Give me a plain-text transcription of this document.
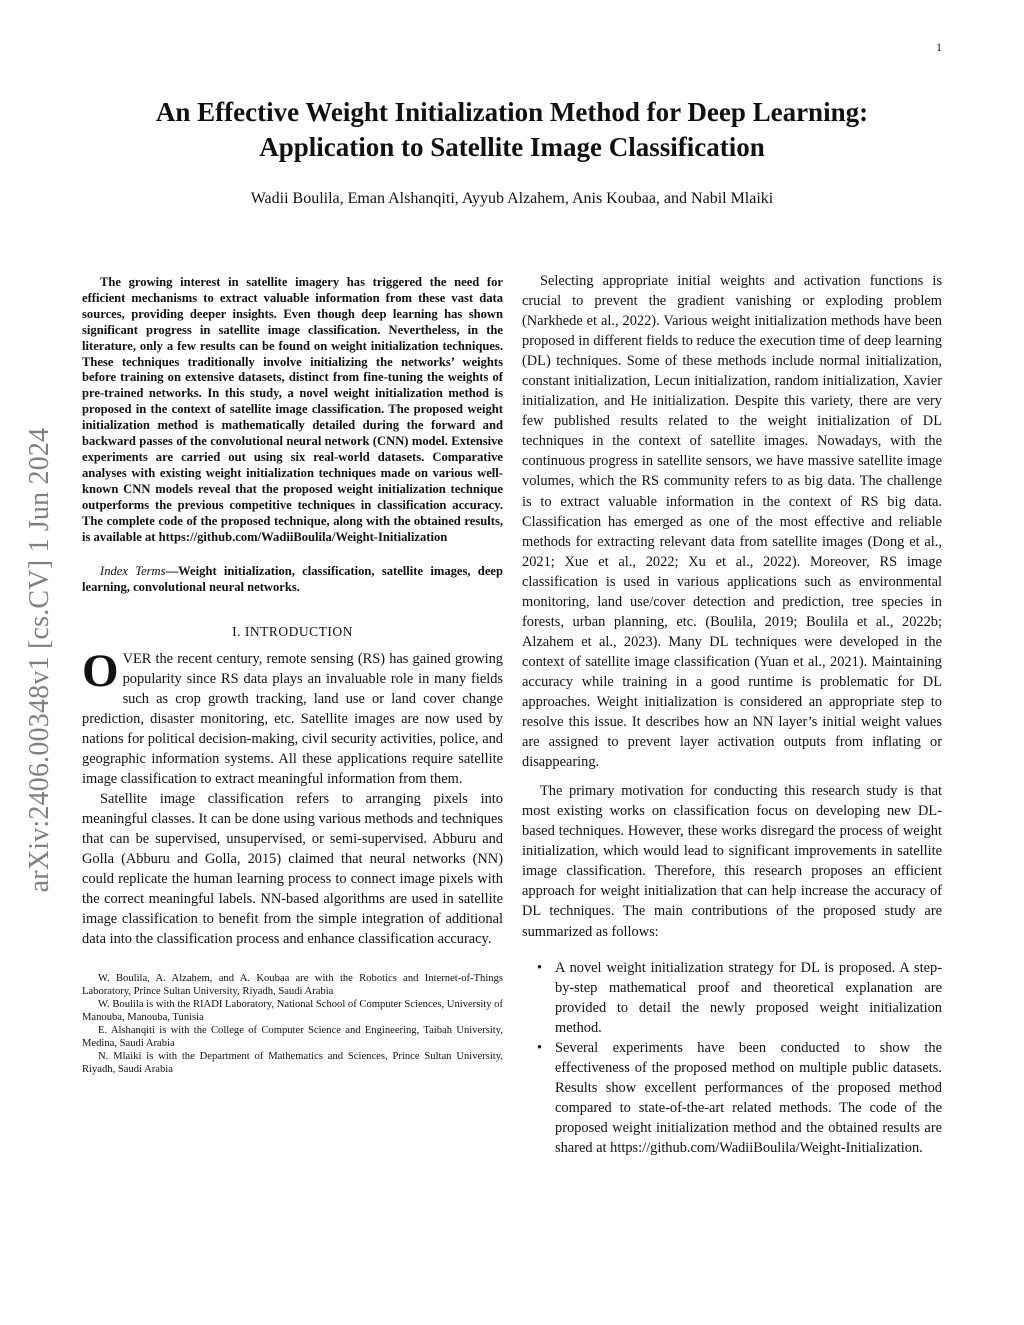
1
arXiv:2406.00348v1 [cs.CV] 1 Jun 2024
An Effective Weight Initialization Method for Deep Learning:
Application to Satellite Image Classification
Wadii Boulila, Eman Alshanqiti, Ayyub Alzahem, Anis Koubaa, and Nabil Mlaiki

The growing interest in satellite imagery has triggered the need for efficient mechanisms to extract valuable information from these vast data sources, providing deeper insights. Even though deep learning has shown significant progress in satellite image classification. Nevertheless, in the literature, only a few results can be found on weight initialization techniques. These techniques traditionally involve initializing the networks’ weights before training on extensive datasets, distinct from fine-tuning the weights of pre-trained networks. In this study, a novel weight initialization method is proposed in the context of satellite image classification. The proposed weight initialization method is mathematically detailed during the forward and backward passes of the convolutional neural network (CNN) model. Extensive experiments are carried out using six real-world datasets. Comparative analyses with existing weight initialization techniques made on various well-known CNN models reveal that the proposed weight initialization technique outperforms the previous competitive techniques in classification accuracy. The complete code of the proposed technique, along with the obtained results, is available at https://github.com/WadiiBoulila/Weight-Initialization

Index Terms—Weight initialization, classification, satellite images, deep learning, convolutional neural networks.

I. INTRODUCTION

OVER the recent century, remote sensing (RS) has gained growing popularity since RS data plays an invaluable role in many fields such as crop growth tracking, land use or land cover change prediction, disaster monitoring, etc. Satellite images are now used by nations for political decision-making, civil security activities, police, and geographic information systems. All these applications require satellite image classification to extract meaningful information from them.

Satellite image classification refers to arranging pixels into meaningful classes. It can be done using various methods and techniques that can be supervised, unsupervised, or semi-supervised. Abburu and Golla (Abburu and Golla, 2015) claimed that neural networks (NN) could replicate the human learning process to connect image pixels with the correct meaningful labels. NN-based algorithms are used in satellite image classification to benefit from the simple integration of additional data into the classification process and enhance classification accuracy.

W. Boulila, A. Alzahem, and A. Koubaa are with the Robotics and Internet-of-Things Laboratory, Prince Sultan University, Riyadh, Saudi Arabia

W. Boulila is with the RIADI Laboratory, National School of Computer Sciences, University of Manouba, Manouba, Tunisia

E. Alshanqiti is with the College of Computer Science and Engineering, Taibah University, Medina, Saudi Arabia

N. Mlaiki is with the Department of Mathematics and Sciences, Prince Sultan University, Riyadh, Saudi Arabia

Selecting appropriate initial weights and activation functions is crucial to prevent the gradient vanishing or exploding problem (Narkhede et al., 2022). Various weight initialization methods have been proposed in different fields to reduce the execution time of deep learning (DL) techniques. Some of these methods include normal initialization, constant initialization, Lecun initialization, random initialization, Xavier initialization, and He initialization. Despite this variety, there are very few published results related to the weight initialization of DL techniques in the context of satellite images. Nowadays, with the continuous progress in satellite sensors, we have massive satellite image volumes, which the RS community refers to as big data. The challenge is to extract valuable information in the context of RS big data. Classification has emerged as one of the most effective and reliable methods for extracting relevant data from satellite images (Dong et al., 2021; Xue et al., 2022; Xu et al., 2022). Moreover, RS image classification is used in various applications such as environmental monitoring, land use/cover detection and prediction, tree species in forests, urban planning, etc. (Boulila, 2019; Boulila et al., 2022b; Alzahem et al., 2023). Many DL techniques were developed in the context of satellite image classification (Yuan et al., 2021). Maintaining accuracy while training in a good runtime is problematic for DL approaches. Weight initialization is considered an appropriate step to resolve this issue. It describes how an NN layer’s initial weight values are assigned to prevent layer activation outputs from inflating or disappearing.

The primary motivation for conducting this research study is that most existing works on classification focus on developing new DL-based techniques. However, these works disregard the process of weight initialization, which would lead to significant improvements in satellite image classification. Therefore, this research proposes an efficient approach for weight initialization that can help increase the accuracy of DL techniques. The main contributions of the proposed study are summarized as follows:

• A novel weight initialization strategy for DL is proposed. A step-by-step mathematical proof and theoretical explanation are provided to detail the newly proposed weight initialization method.
• Several experiments have been conducted to show the effectiveness of the proposed method on multiple public datasets. Results show excellent performances of the proposed method compared to state-of-the-art related methods. The code of the proposed weight initialization method and the obtained results are shared at https://github.com/WadiiBoulila/Weight-Initialization.
